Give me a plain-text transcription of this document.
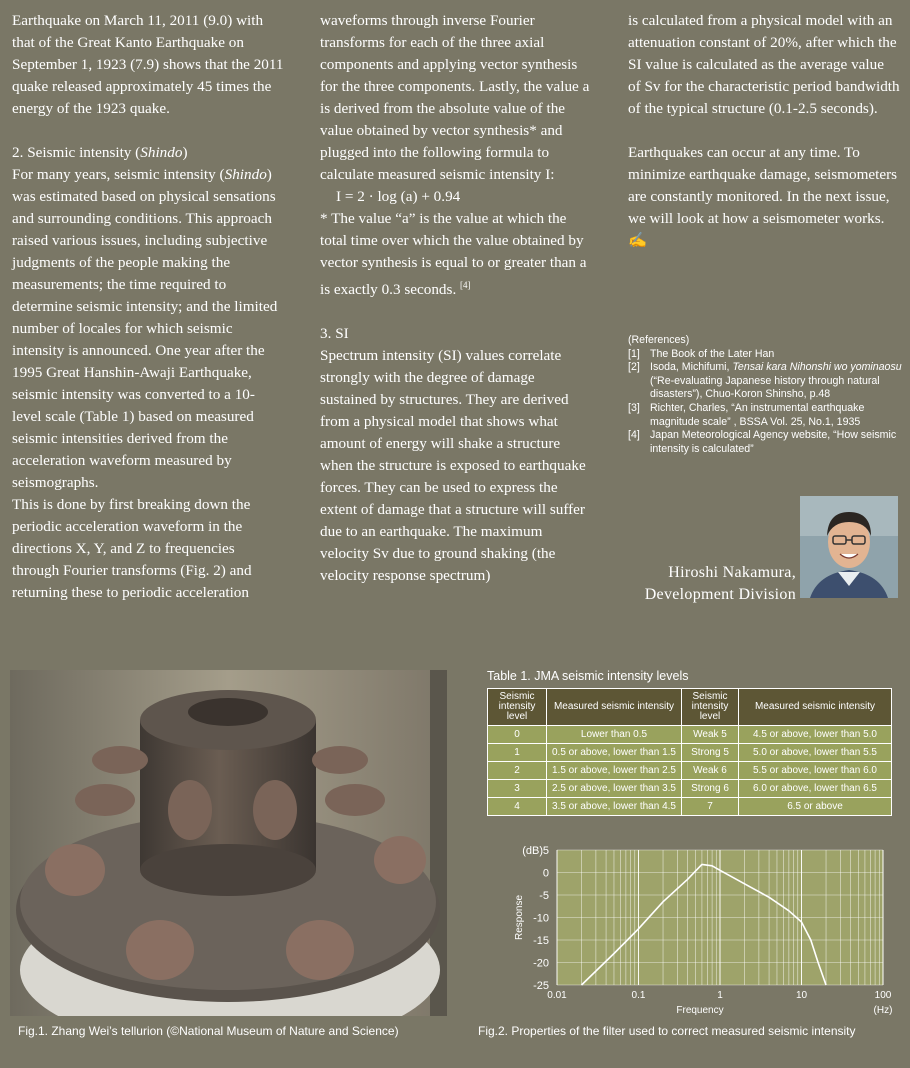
Earthquake on March 11, 2011 (9.0) with that of the Great Kanto Earthquake on September 1, 1923 (7.9) shows that the 2011 quake released approximately 45 times the energy of the 1923 quake.

2. Seismic intensity (Shindo)

For many years, seismic intensity (Shindo) was estimated based on physical sensations and surrounding conditions. This approach raised various issues, including subjective judgments of the people making the measurements; the time required to determine seismic intensity; and the limited number of locales for which seismic intensity is announced. One year after the 1995 Great Hanshin-Awaji Earthquake, seismic intensity was converted to a 10-level scale (Table 1) based on measured seismic intensities derived from the acceleration waveform measured by seismographs.

This is done by first breaking down the periodic acceleration waveform in the directions X, Y, and Z to frequencies through Fourier transforms (Fig. 2) and returning these to periodic acceleration

waveforms through inverse Fourier transforms for each of the three axial components and applying vector synthesis for the three components. Lastly, the value a is derived from the absolute value of the value obtained by vector synthesis* and plugged into the following formula to calculate measured seismic intensity I:

I = 2 · log (a) + 0.94

* The value “a” is the value at which the total time over which the value obtained by vector synthesis is equal to or greater than a is exactly 0.3 seconds. [4]

3. SI

Spectrum intensity (SI) values correlate strongly with the degree of damage sustained by structures. They are derived from a physical model that shows what amount of energy will shake a structure when the structure is exposed to earthquake forces. They can be used to express the extent of damage that a structure will suffer due to an earthquake. The maximum velocity Sv due to ground shaking (the velocity response spectrum)

is calculated from a physical model with an attenuation constant of 20%, after which the SI value is calculated as the average value of Sv for the characteristic period bandwidth of the typical structure (0.1-2.5 seconds).

Earthquakes can occur at any time. To minimize earthquake damage, seismometers are constantly monitored. In the next issue, we will look at how a seismometer works. ✍

(References)
[1] The Book of the Later Han
[2] Isoda, Michifumi, Tensai kara Nihonshi wo yominaosu (“Re-evaluating Japanese history through natural disasters”), Chuo-Koron Shinsho, p.48
[3] Richter, Charles, “An instrumental earthquake magnitude scale” , BSSA Vol. 25, No.1, 1935
[4] Japan Meteorological Agency website, “How seismic intensity is calculated”
Hiroshi Nakamura,
Development Division
Fig.1. Zhang Wei’s tellurion (©National Museum of Nature and Science)
Table 1. JMA seismic intensity levels
Seismic intensity level	Measured seismic intensity	Seismic intensity level	Measured seismic intensity
0	Lower than 0.5	Weak 5	4.5 or above, lower than 5.0
1	0.5 or above, lower than 1.5	Strong 5	5.0 or above, lower than 5.5
2	1.5 or above, lower than 2.5	Weak 6	5.5 or above, lower than 6.0
3	2.5 or above, lower than 3.5	Strong 6	6.0 or above, lower than 6.5
4	3.5 or above, lower than 4.5	7	6.5 or above
5
0
-5
-10
-15
-20
-25
0.01	0.1	1	10	100
(dB)
Response
Frequency	(Hz)
Fig.2. Properties of the filter used to correct measured seismic intensity
